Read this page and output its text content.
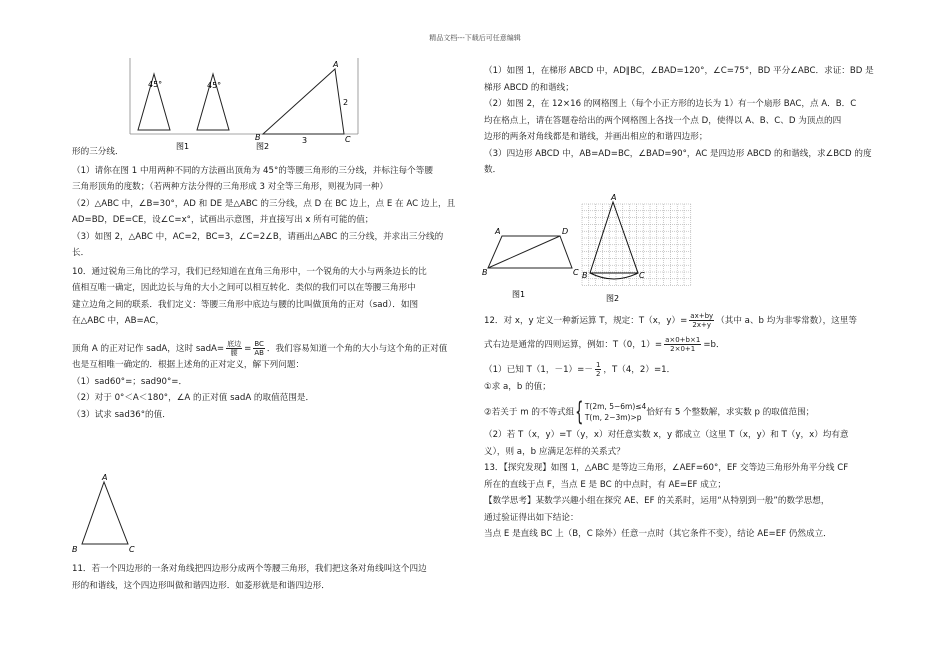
精品文档---下载后可任意编辑
45°	45°
A
B	C
2
3
图1	图2

形的三分线．

（1）请你在图 1 中用两种不同的方法画出顶角为 45°的等腰三角形的三分线，并标注每个等腰

三角形顶角的度数；（若两种方法分得的三角形成 3 对全等三角形，则视为同一种）

（2）△ABC 中，∠B=30°，AD 和 DE 是△ABC 的三分线，点 D 在 BC 边上，点 E 在 AC 边上，且

AD=BD，DE=CE，设∠C=x°，试画出示意图，并直接写出 x 所有可能的值；

（3）如图 2，△ABC 中，AC=2，BC=3，∠C=2∠B，请画出△ABC 的三分线，并求出三分线的

长．

10．通过锐角三角比的学习，我们已经知道在直角三角形中，一个锐角的大小与两条边长的比

值相互唯一确定，因此边长与角的大小之间可以相互转化．类似的我们可以在等腰三角形中

建立边角之间的联系．我们定义：等腰三角形中底边与腰的比叫做顶角的正对（sad）．如图

在△ABC 中，AB=AC，

顶角 A 的正对记作 sadA，这时 sadA= $\frac{\text{底边}}{\text{腰}} = \frac{BC}{AB}$ ．我们容易知道一个角的大小与这个角的正对值

也是互相唯一确定的．根据上述角的正对定义，解下列问题：

（1）sad60°=；sad90°=．

（2）对于 0°＜A＜180°，∠A 的正对值 sadA 的取值范围是．

（3）试求 sad36°的值．

A
B	C

11．若一个四边形的一条对角线把四边形分成两个等腰三角形，我们把这条对角线叫这个四边

形的和谐线，这个四边形叫做和谐四边形．如菱形就是和谐四边形．

（1）如图 1，在梯形 ABCD 中，AD∥BC，∠BAD=120°，∠C=75°，BD 平分∠ABC．求证：BD 是

梯形 ABCD 的和谐线；

（2）如图 2，在 12×16 的网格图上（每个小正方形的边长为 1）有一个扇形 BAC，点 A．B．C

均在格点上，请在答题卷给出的两个网格图上各找一个点 D，使得以 A、B、C、D 为顶点的四

边形的两条对角线都是和谐线，并画出相应的和谐四边形；

（3）四边形 ABCD 中，AB=AD=BC，∠BAD=90°，AC 是四边形 ABCD 的和谐线，求∠BCD 的度

数．

A	D
B	C
图1
A
B	C
图2

12．对 x，y 定义一种新运算 T，规定：T（x，$y)= \frac{ax+by}{2x+y}$ （其中 a、b 均为非零常数），这里等

式右边是通常的四则运算，例如：T（0，$1)= \frac{a\times 0+b\times 1}{2\times 0+1} =b$．

（1）已知 T（1，$-1)=- \frac{1}{2}$ ，T（4，2）=1．

①求 a，b 的值；

②若关于 m 的不等式组{ T(2m, 5−6m)≤4
T(m, 2−3m)>p 恰好有 5 个整数解，求实数 p 的取值范围；

（2）若 T（x，y）=T（y，x）对任意实数 x，y 都成立（这里 T（x，y）和 T（y，x）均有意

义），则 a，b 应满足怎样的关系式？

13．【探究发现】如图 1，△ABC 是等边三角形，∠AEF=60°，EF 交等边三角形外角平分线 CF

所在的直线于点 F，当点 E 是 BC 的中点时，有 AE=EF 成立；

【数学思考】某数学兴趣小组在探究 AE、EF 的关系时，运用“从特别到一般”的数学思想，

通过验证得出如下结论：

当点 E 是直线 BC 上（B，C 除外）任意一点时（其它条件不变），结论 AE=EF 仍然成立．
